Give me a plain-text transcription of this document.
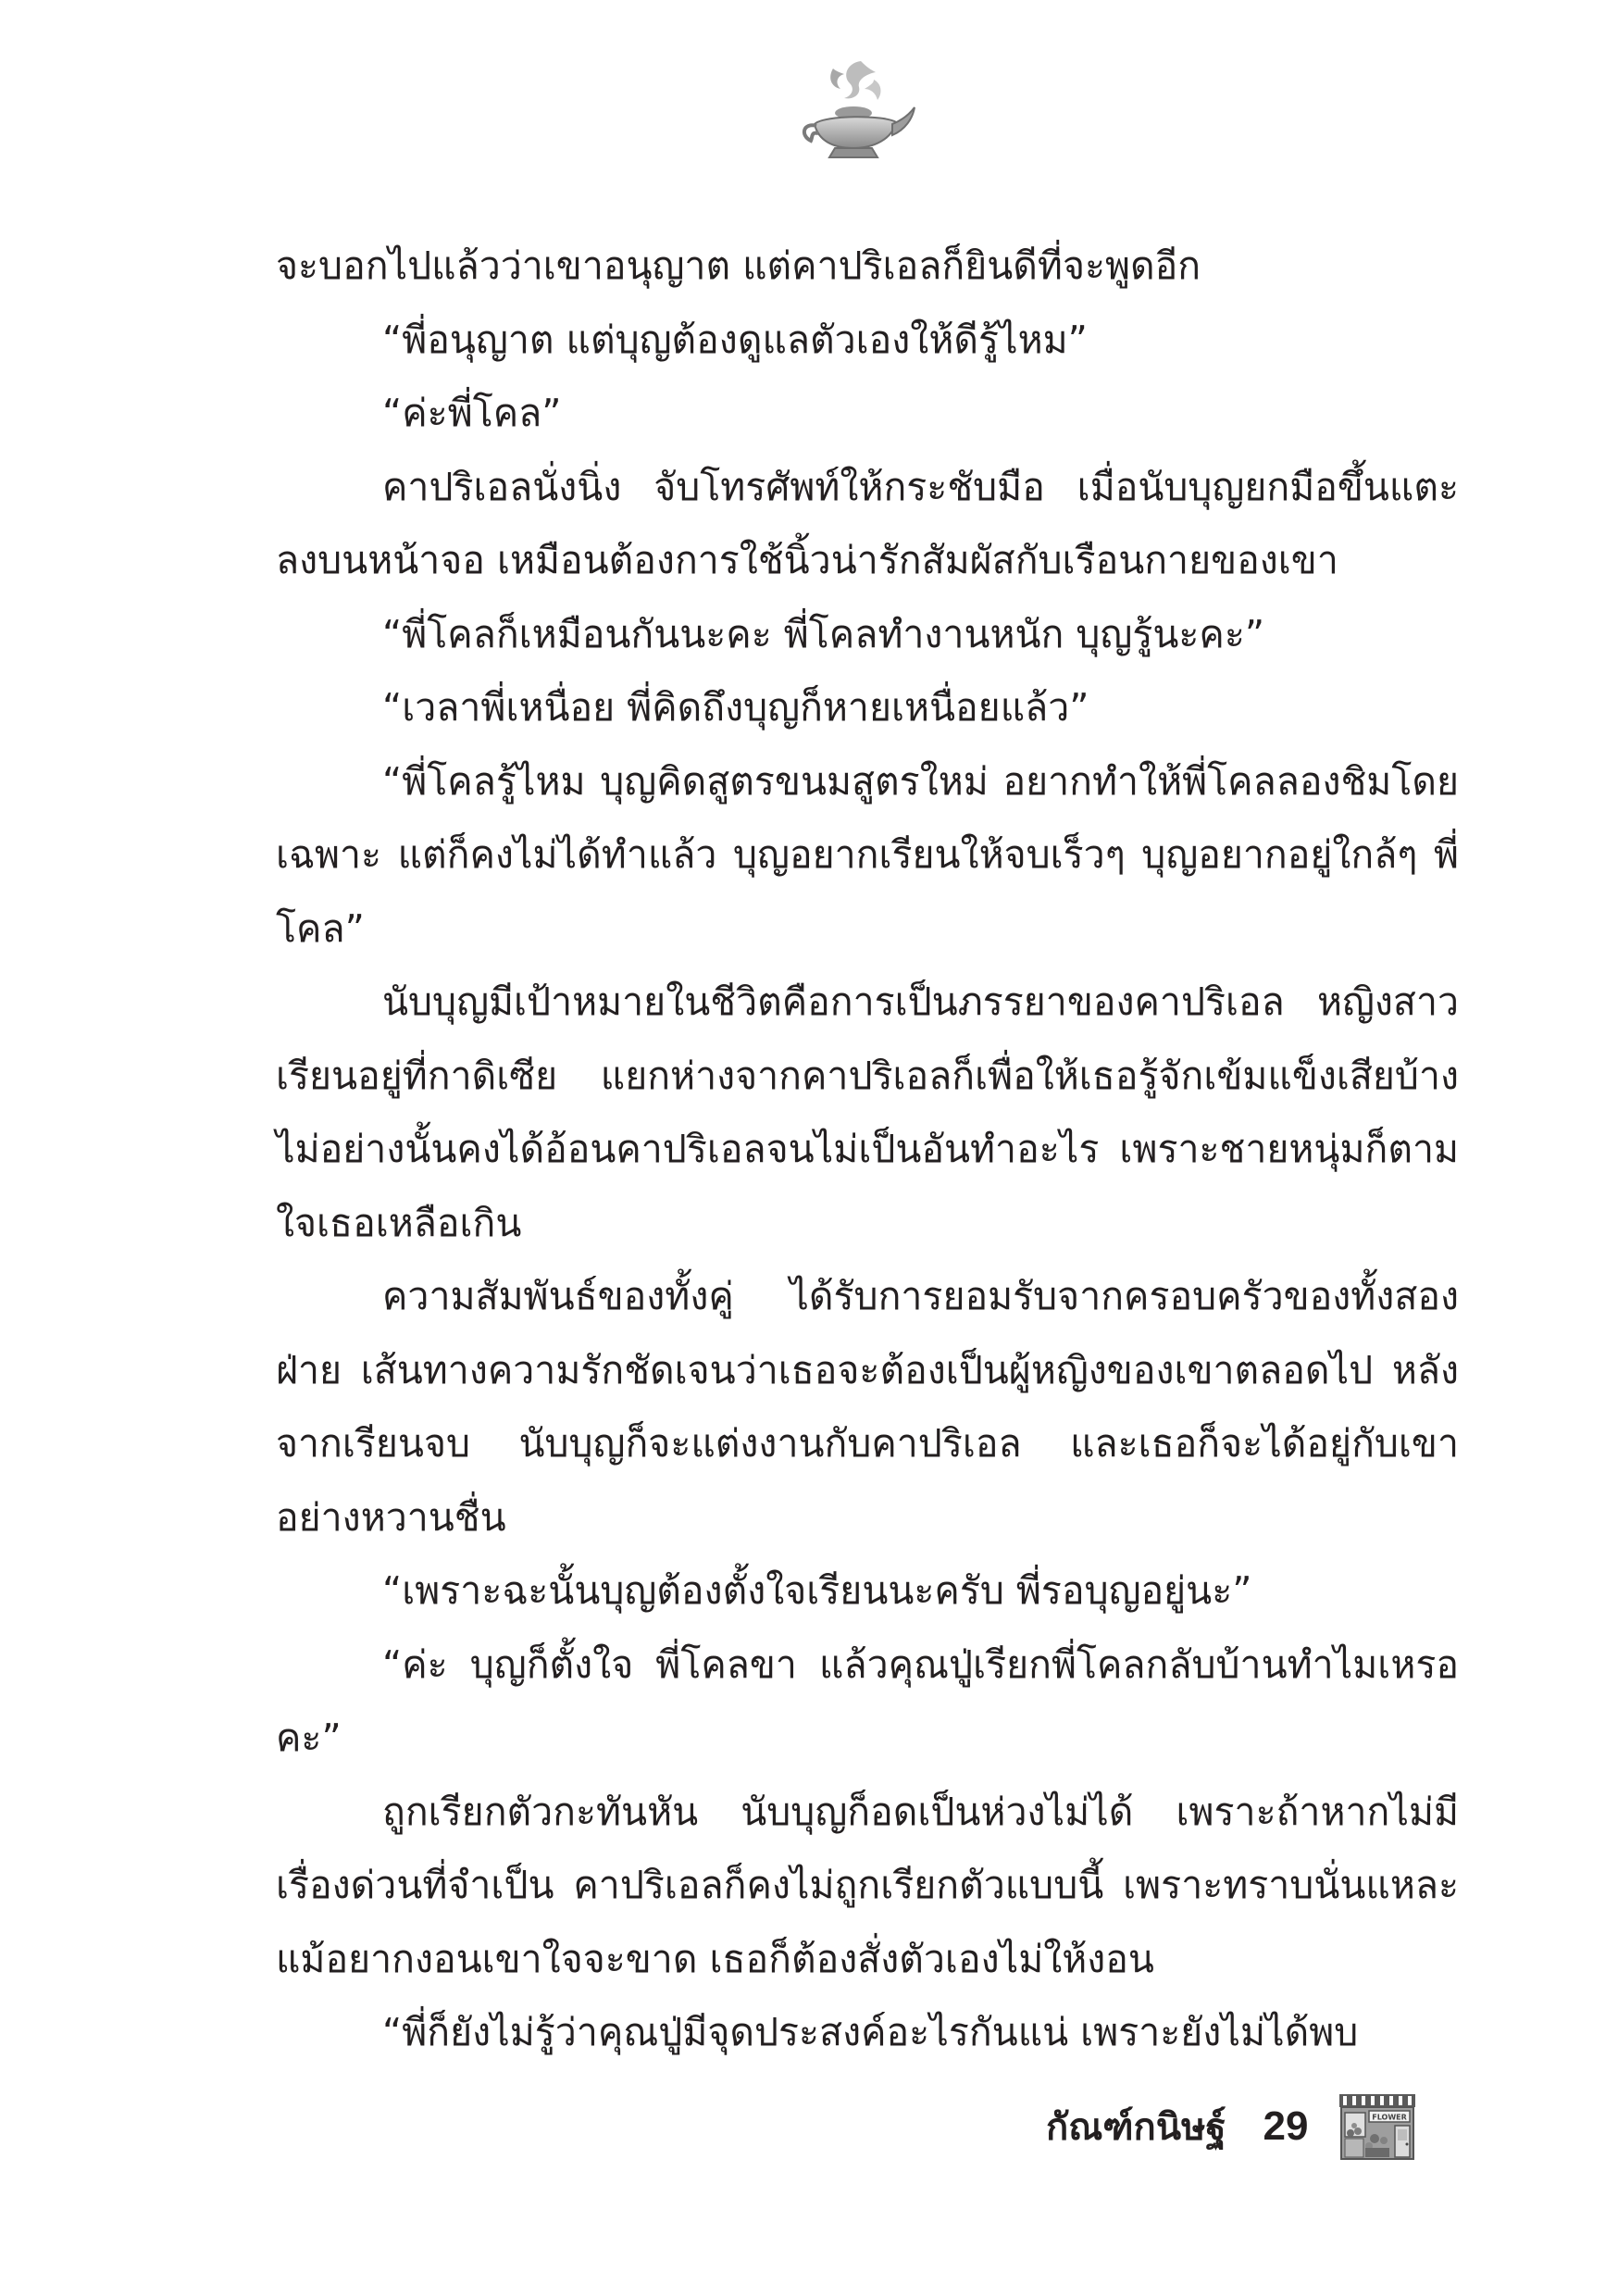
จะบอกไปแล้วว่าเขาอนุญาต แต่คาปริเอลก็ยินดีที่จะพูดอีก

“พี่อนุญาต แต่บุญต้องดูแลตัวเองให้ดีรู้ไหม”

“ค่ะพี่โคล”

คาปริเอลนั่งนิ่ง จับโทรศัพท์ให้กระชับมือ เมื่อนับบุญยกมือขึ้นแตะลงบนหน้าจอ เหมือนต้องการใช้นิ้วน่ารักสัมผัสกับเรือนกายของเขา

“พี่โคลก็เหมือนกันนะคะ พี่โคลทำงานหนัก บุญรู้นะคะ”

“เวลาพี่เหนื่อย พี่คิดถึงบุญก็หายเหนื่อยแล้ว”

“พี่โคลรู้ไหม บุญคิดสูตรขนมสูตรใหม่ อยากทำให้พี่โคลลองชิมโดยเฉพาะ แต่ก็คงไม่ได้ทำแล้ว บุญอยากเรียนให้จบเร็วๆ บุญอยากอยู่ใกล้ๆ พี่โคล”

นับบุญมีเป้าหมายในชีวิตคือการเป็นภรรยาของคาปริเอล หญิงสาวเรียนอยู่ที่กาดิเซีย แยกห่างจากคาปริเอลก็เพื่อให้เธอรู้จักเข้มแข็งเสียบ้าง ไม่อย่างนั้นคงได้อ้อนคาปริเอลจนไม่เป็นอันทำอะไร เพราะชายหนุ่มก็ตามใจเธอเหลือเกิน

ความสัมพันธ์ของทั้งคู่ ได้รับการยอมรับจากครอบครัวของทั้งสองฝ่าย เส้นทางความรักชัดเจนว่าเธอจะต้องเป็นผู้หญิงของเขาตลอดไป หลังจากเรียนจบ นับบุญก็จะแต่งงานกับคาปริเอล และเธอก็จะได้อยู่กับเขาอย่างหวานชื่น

“เพราะฉะนั้นบุญต้องตั้งใจเรียนนะครับ พี่รอบุญอยู่นะ”

“ค่ะ บุญก็ตั้งใจ พี่โคลขา แล้วคุณปู่เรียกพี่โคลกลับบ้านทำไมเหรอคะ”

ถูกเรียกตัวกะทันหัน นับบุญก็อดเป็นห่วงไม่ได้ เพราะถ้าหากไม่มีเรื่องด่วนที่จำเป็น คาปริเอลก็คงไม่ถูกเรียกตัวแบบนี้ เพราะทราบนั่นแหละ แม้อยากงอนเขาใจจะขาด เธอก็ต้องสั่งตัวเองไม่ให้งอน

“พี่ก็ยังไม่รู้ว่าคุณปู่มีจุดประสงค์อะไรกันแน่ เพราะยังไม่ได้พบ

กัณฑ์กนิษฐ์ 29	FLOWER
